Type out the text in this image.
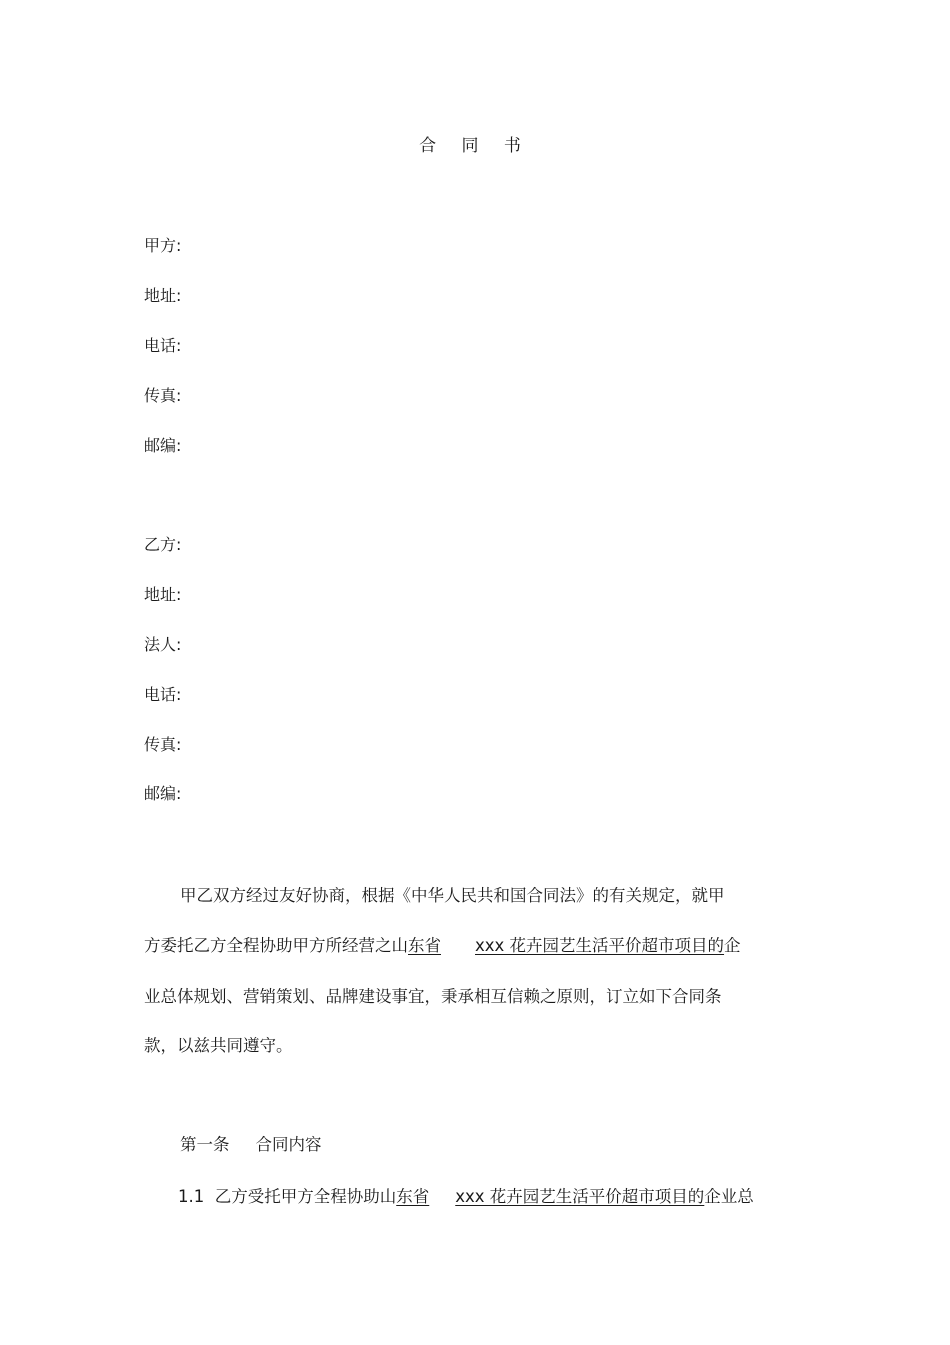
合 同 书
甲方:
地址:
电话:
传真:
邮编:
乙方:
地址:
法人:
电话:
传真:
邮编:
甲乙双方经过友好协商，根据《中华人民共和国合同法》的有关规定，就甲
方委托乙方全程协助甲方所经营之山东省 xxx 花卉园艺生活平价超市项目的企
业总体规划、营销策划、品牌建设事宜，秉承相互信赖之原则，订立如下合同条
款，以兹共同遵守。
第一条 合同内容
1.1 乙方受托甲方全程协助山东省 xxx 花卉园艺生活平价超市项目的企业总
